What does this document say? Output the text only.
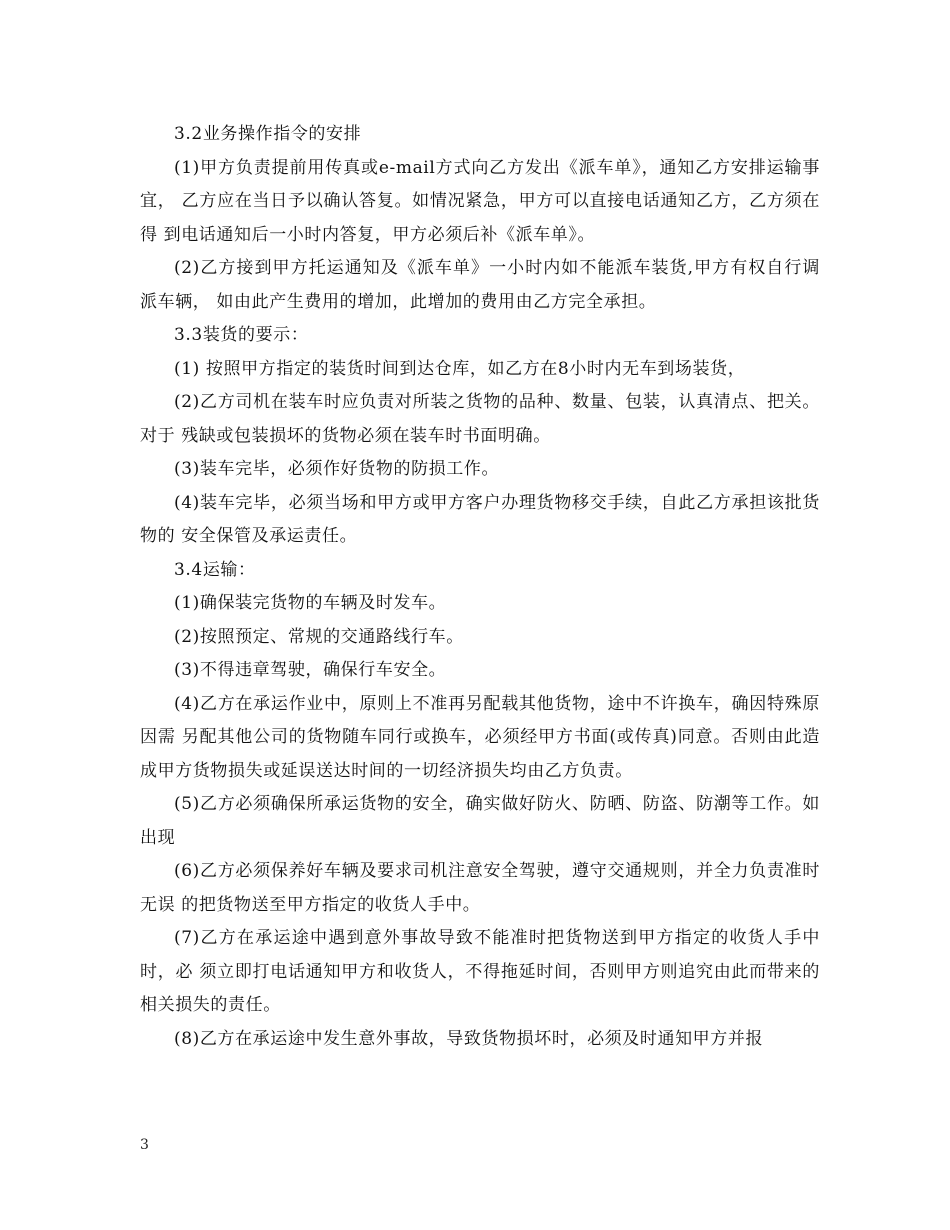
3.2业务操作指令的安排

(1)甲方负责提前用传真或e-mail方式向乙方发出《派车单》，通知乙方安排运输事宜， 乙方应在当日予以确认答复。如情况紧急，甲方可以直接电话通知乙方，乙方须在得 到电话通知后一小时内答复，甲方必须后补《派车单》。

(2)乙方接到甲方托运通知及《派车单》一小时内如不能派车装货,甲方有权自行调派车辆， 如由此产生费用的增加，此增加的费用由乙方完全承担。

3.3装货的要示：

(1) 按照甲方指定的装货时间到达仓库，如乙方在8小时内无车到场装货，

(2)乙方司机在装车时应负责对所装之货物的品种、数量、包装，认真清点、把关。对于 残缺或包装损坏的货物必须在装车时书面明确。

(3)装车完毕，必须作好货物的防损工作。

(4)装车完毕，必须当场和甲方或甲方客户办理货物移交手续，自此乙方承担该批货物的 安全保管及承运责任。

3.4运输：

(1)确保装完货物的车辆及时发车。

(2)按照预定、常规的交通路线行车。

(3)不得违章驾驶，确保行车安全。

(4)乙方在承运作业中，原则上不准再另配载其他货物，途中不许换车，确因特殊原因需 另配其他公司的货物随车同行或换车，必须经甲方书面(或传真)同意。否则由此造成甲方货物损失或延误送达时间的一切经济损失均由乙方负责。

(5)乙方必须确保所承运货物的安全，确实做好防火、防晒、防盗、防潮等工作。如出现

(6)乙方必须保养好车辆及要求司机注意安全驾驶，遵守交通规则，并全力负责准时无误 的把货物送至甲方指定的收货人手中。

(7)乙方在承运途中遇到意外事故导致不能准时把货物送到甲方指定的收货人手中时，必 须立即打电话通知甲方和收货人，不得拖延时间，否则甲方则追究由此而带来的相关损失的责任。

(8)乙方在承运途中发生意外事故，导致货物损坏时，必须及时通知甲方并报

3
